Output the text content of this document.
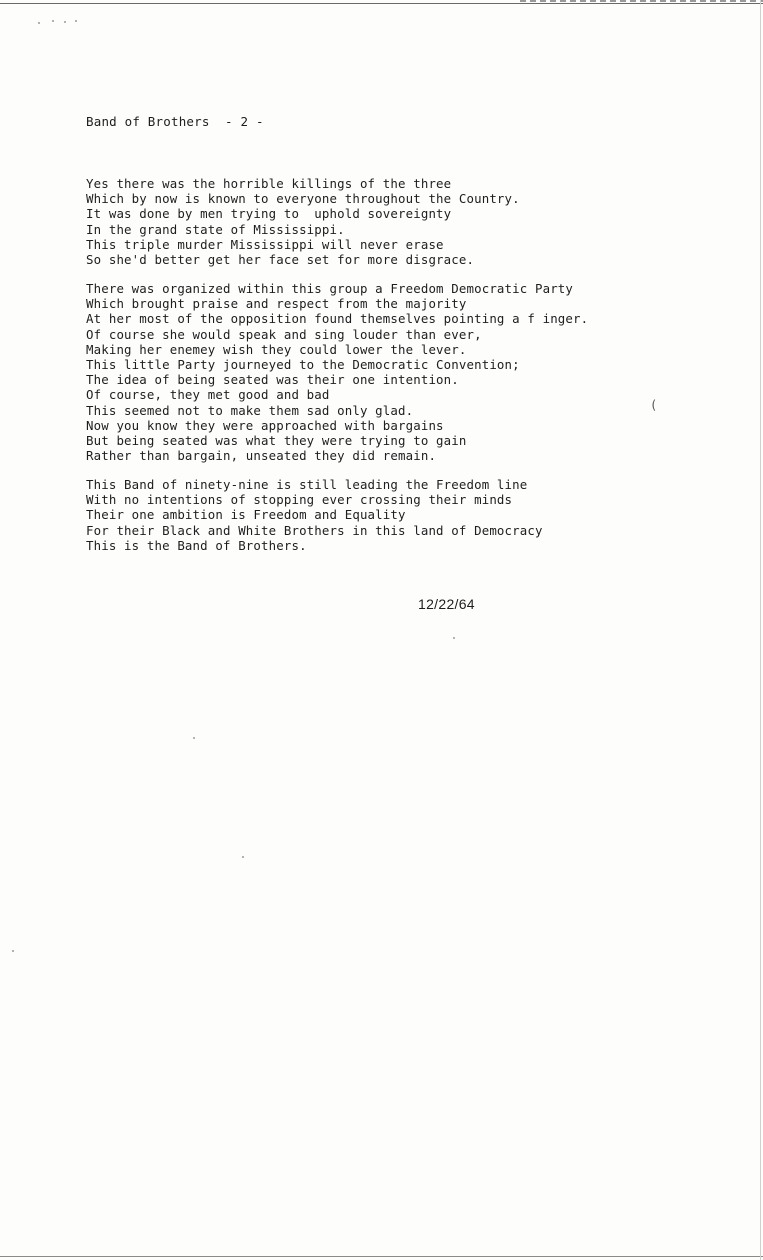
Band of Brothers  - 2 -
Yes there was the horrible killings of the three
Which by now is known to everyone throughout the Country.
It was done by men trying to  uphold sovereignty
In the grand state of Mississippi.
This triple murder Mississippi will never erase
So she'd better get her face set for more disgrace.
There was organized within this group a Freedom Democratic Party
Which brought praise and respect from the majority
At her most of the opposition found themselves pointing a f inger.
Of course she would speak and sing louder than ever,
Making her enemey wish they could lower the lever.
This little Party journeyed to the Democratic Convention;
The idea of being seated was their one intention.
Of course, they met good and bad
This seemed not to make them sad only glad.
Now you know they were approached with bargains
But being seated was what they were trying to gain
Rather than bargain, unseated they did remain.
This Band of ninety-nine is still leading the Freedom line
With no intentions of stopping ever crossing their minds
Their one ambition is Freedom and Equality
For their Black and White Brothers in this land of Democracy
This is the Band of Brothers.
(
12/22/64
